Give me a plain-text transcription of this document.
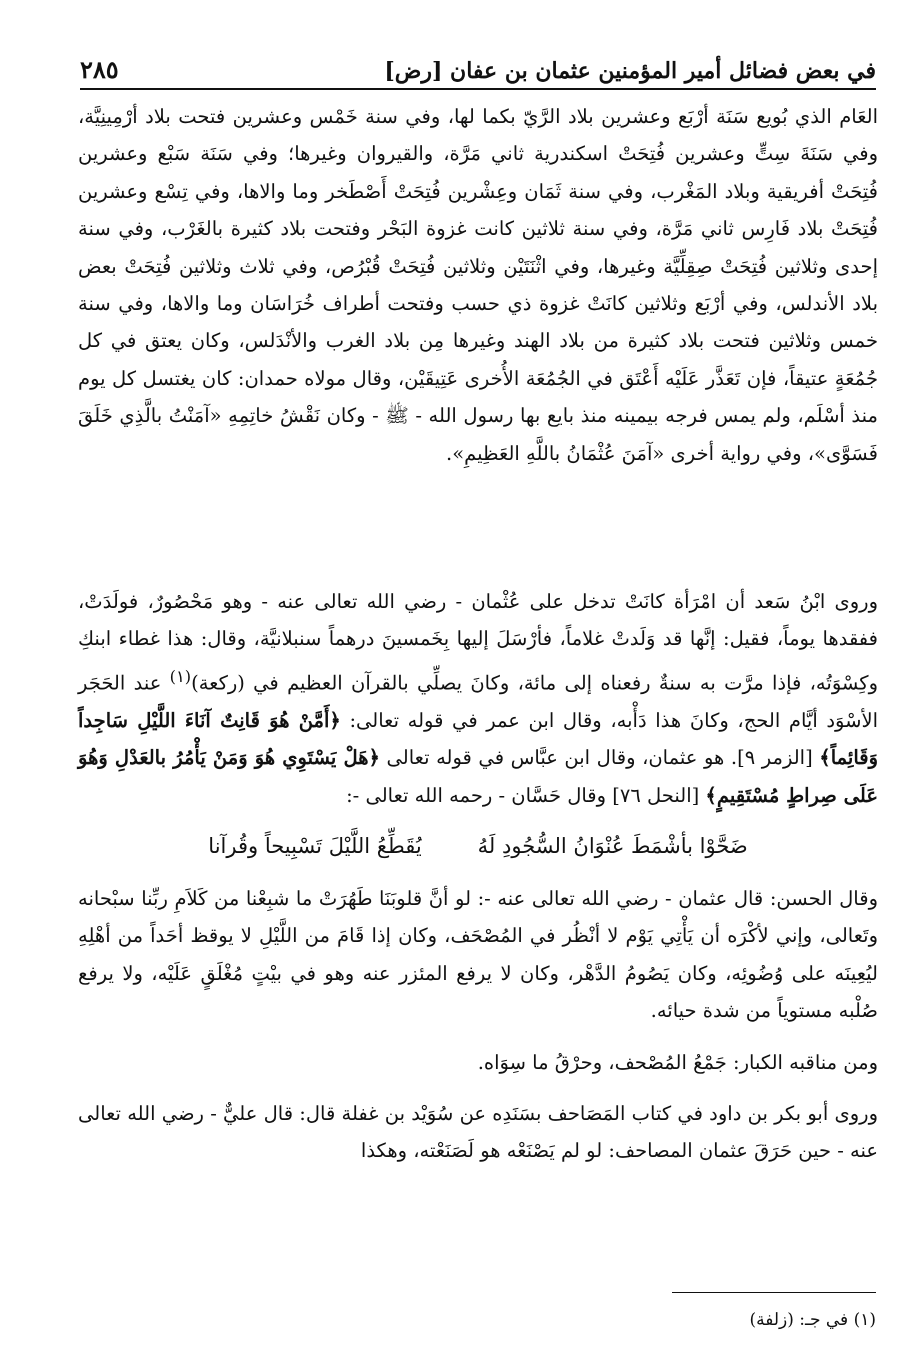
في بعض فضائل أمير المؤمنين عثمان بن عفان [رض]
٢٨٥

العَام الذي بُويع سَنَة أرْبَع وعشرين بلاد الرَّيّ بكما لها، وفي سنة خَمْس وعشرين فتحت بلاد أرْمِينِيَّة، وفي سَنَةَ سِتٍّ وعشرين فُتِحَتْ اسكندرية ثاني مَرَّة، والقيروان وغيرها؛ وفي سَنَة سَبْع وعشرين فُتِحَتْ أفريقية وبلاد المَغْرب، وفي سنة ثَمَان وعِشْرين فُتِحَتْ أَصْطَخر وما والاها، وفي تِسْع وعشرين فُتِحَتْ بلاد فَارِس ثاني مَرَّة، وفي سنة ثلاثين كانت غزوة البَحْر وفتحت بلاد كثيرة بالغَرْب، وفي سنة إحدى وثلاثين فُتِحَتْ صِقِلِّيَّة وغيرها، وفي اثْنَتَيْن وثلاثين فُتِحَتْ قُبْرُص، وفي ثلاث وثلاثين فُتِحَتْ بعض بلاد الأندلس، وفي أرْبَع وثلاثين كانَتْ غزوة ذي حسب وفتحت أطراف خُرَاسَان وما والاها، وفي سنة خمس وثلاثين فتحت بلاد كثيرة من بلاد الهند وغيرها مِن بلاد الغرب والأنْدَلس، وكان يعتق في كل جُمُعَةٍ عتيقاً، فإن تَعَذَّر عَلَيْه أَعْتَق في الجُمُعَة الأُخرى عَتِيقَيْن، وقال مولاه حمدان: كان يغتسل كل يوم منذ أسْلَم، ولم يمس فرجه بيمينه منذ بايع بها رسول الله - ﷺ - وكان نَقْشُ خاتِمِهِ «آمَنْتُ بالَّذِي خَلَقَ فَسَوَّى»، وفي رواية أخرى «آمَنَ عُثْمَانُ باللَّهِ العَظِيمِ».

وروى ابْنُ سَعد أن امْرَأة كانَتْ تدخل على عُثْمان - رضي الله تعالى عنه - وهو مَحْصُورٌ، فولَدَتْ، ففقدها يوماً، فقيل: إنَّها قد وَلَدتْ غلاماً، فأرْسَلَ إليها بِخَمسينَ درهماً سنبلانيَّة، وقال: هذا غطاء ابنكِ وكِسْوَتُه، فإذا مرَّت به سنةٌ رفعناه إلى مائة، وكانَ يصلِّي بالقرآن العظيم في (ركعة)$^{(١)}$ عند الحَجَر الأسْوَد أيَّام الحج، وكانَ هذا دَأْبه، وقال ابن عمر في قوله تعالى: ﴿أَمَّنْ هُوَ قَانِتٌ آنَاءَ اللَّيْلِ سَاجِداً وَقَائِماً﴾ [الزمر ٩]. هو عثمان، وقال ابن عبَّاس في قوله تعالى ﴿هَلْ يَسْتَوِي هُوَ وَمَنْ يَأْمُرُ بالعَدْلِ وَهُوَ عَلَى صِراطٍ مُسْتَقِيمٍ﴾ [النحل ٧٦] وقال حَسَّان - رحمه الله تعالى -:

ضَحَّوْا بأشْمَطَ عُنْوَانُ السُّجُودِ لَهُ
يُقَطِّعُ اللَّيْلَ تَسْبِيحاً وقُرآنا

وقال الحسن: قال عثمان - رضي الله تعالى عنه -: لو أنَّ قلوبَنَا طَهُرَتْ ما شبِعْنا من كَلاَمِ ربِّنا سبْحانه وتَعالى، وإني لأكْرَه أن يَأْتِي يَوْم لا أنْظُر في المُصْحَف، وكان إذا قَامَ من اللَّيْلِ لا يوقظ أحَداً من أهْلِهِ ليُعِينَه على وُضُوئِه، وكان يَصُومُ الدَّهْر، وكان لا يرفع المئزر عنه وهو في بيْتٍ مُغْلَقٍ عَلَيْه، ولا يرفع صُلْبه مستوياً من شدة حيائه.

ومن مناقبه الكبار: جَمْعُ المُصْحف، وحرْقُ ما سِوَاه.

وروى أبو بكر بن داود في كتاب المَصَاحف بسَنَدِه عن سُوَيْد بن غفلة قال: قال عليٌّ - رضي الله تعالى عنه - حين حَرَقَ عثمان المصاحف: لو لم يَصْنَعْه هو لَصَنَعْته، وهكذا

(١) في جـ: (زلفة)
